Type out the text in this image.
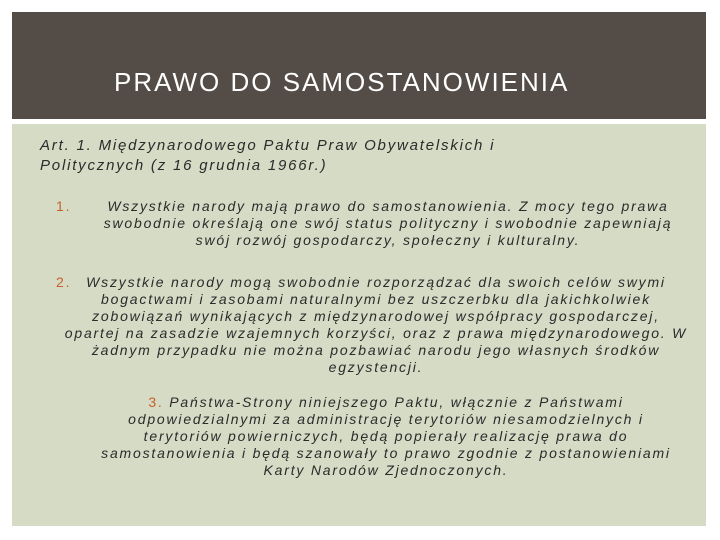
PRAWO DO SAMOSTANOWIENIA
Art. 1. Międzynarodowego Paktu Praw Obywatelskich i Politycznych (z 16 grudnia 1966r.)
1.	Wszystkie narody mają prawo do samostanowienia. Z mocy tego prawa swobodnie określają one swój status polityczny i swobodnie zapewniają swój rozwój gospodarczy, społeczny i kulturalny.
2.	Wszystkie narody mogą swobodnie rozporządzać dla swoich celów swymi bogactwami i zasobami naturalnymi bez uszczerbku dla jakichkolwiek zobowiązań wynikających z międzynarodowej współpracy gospodarczej, opartej na zasadzie wzajemnych korzyści, oraz z prawa międzynarodowego. W żadnym przypadku nie można pozbawiać narodu jego własnych środków egzystencji.
3. Państwa-Strony niniejszego Paktu, włącznie z Państwami odpowiedzialnymi za administrację terytoriów niesamodzielnych i terytoriów powierniczych, będą popierały realizację prawa do samostanowienia i będą szanowały to prawo zgodnie z postanowieniami Karty Narodów Zjednoczonych.
